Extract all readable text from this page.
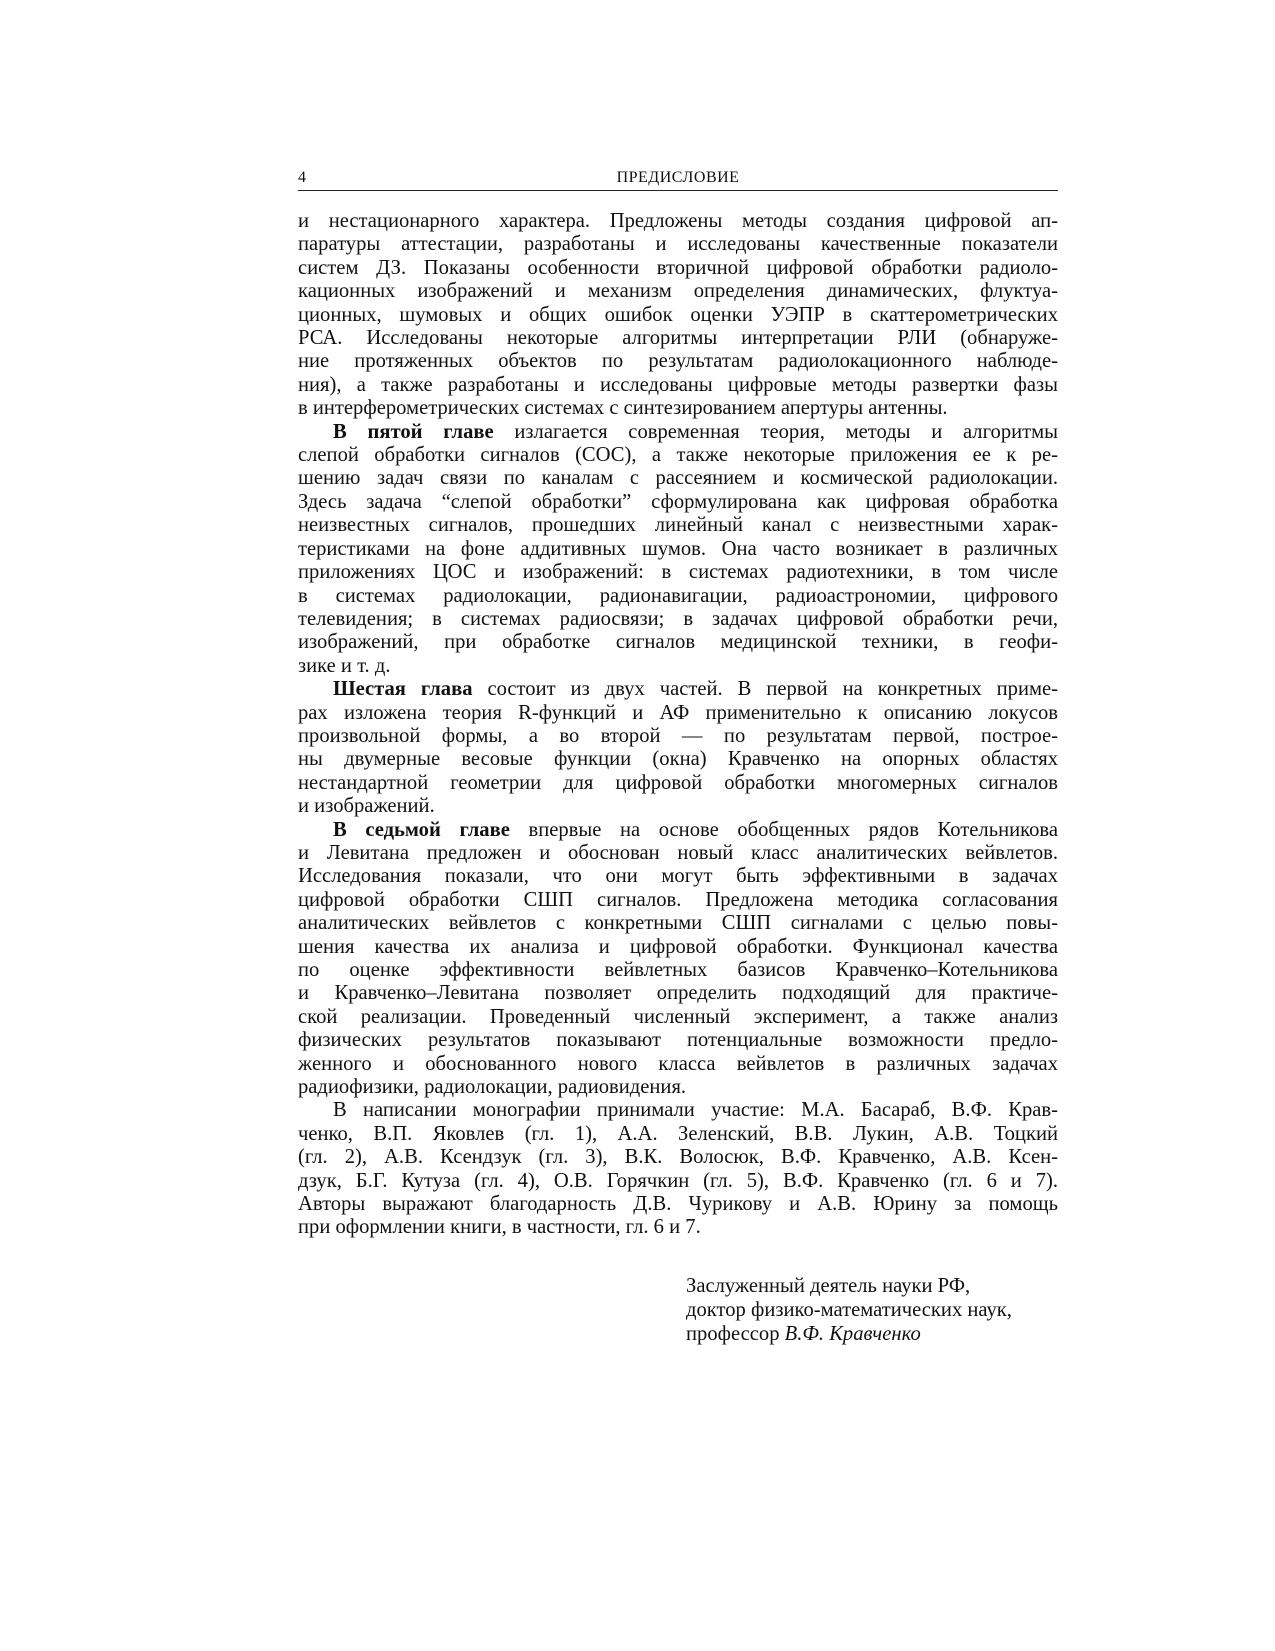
4	ПРЕДИСЛОВИЕ
и нестационарного характера. Предложены методы создания цифровой ап-
паратуры аттестации, разработаны и исследованы качественные показатели
систем ДЗ. Показаны особенности вторичной цифровой обработки радиоло-
кационных изображений и механизм определения динамических, флуктуа-
ционных, шумовых и общих ошибок оценки УЭПР в скаттерометрических
РСА. Исследованы некоторые алгоритмы интерпретации РЛИ (обнаруже-
ние протяженных объектов по результатам радиолокационного наблюде-
ния), а также разработаны и исследованы цифровые методы развертки фазы
в интерферометрических системах с синтезированием апертуры антенны.
В пятой главе излагается современная теория, методы и алгоритмы
слепой обработки сигналов (СОС), а также некоторые приложения ее к ре-
шению задач связи по каналам с рассеянием и космической радиолокации.
Здесь задача “слепой обработки” сформулирована как цифровая обработка
неизвестных сигналов, прошедших линейный канал с неизвестными харак-
теристиками на фоне аддитивных шумов. Она часто возникает в различных
приложениях ЦОС и изображений: в системах радиотехники, в том числе
в системах радиолокации, радионавигации, радиоастрономии, цифрового
телевидения; в системах радиосвязи; в задачах цифровой обработки речи,
изображений, при обработке сигналов медицинской техники, в геофи-
зике и т. д.
Шестая глава состоит из двух частей. В первой на конкретных приме-
рах изложена теория R-функций и АФ применительно к описанию локусов
произвольной формы, а во второй — по результатам первой, построе-
ны двумерные весовые функции (окна) Кравченко на опорных областях
нестандартной геометрии для цифровой обработки многомерных сигналов
и изображений.
В седьмой главе впервые на основе обобщенных рядов Котельникова
и Левитана предложен и обоснован новый класс аналитических вейвлетов.
Исследования показали, что они могут быть эффективными в задачах
цифровой обработки СШП сигналов. Предложена методика согласования
аналитических вейвлетов с конкретными СШП сигналами с целью повы-
шения качества их анализа и цифровой обработки. Функционал качества
по оценке эффективности вейвлетных базисов Кравченко–Котельникова
и Кравченко–Левитана позволяет определить подходящий для практиче-
ской реализации. Проведенный численный эксперимент, а также анализ
физических результатов показывают потенциальные возможности предло-
женного и обоснованного нового класса вейвлетов в различных задачах
радиофизики, радиолокации, радиовидения.
В написании монографии принимали участие: М.А. Басараб, В.Ф. Крав-
ченко, В.П. Яковлев (гл. 1), А.А. Зеленский, В.В. Лукин, А.В. Тоцкий
(гл. 2), А.В. Ксендзук (гл. 3), В.К. Волосюк, В.Ф. Кравченко, А.В. Ксен-
дзук, Б.Г. Кутуза (гл. 4), О.В. Горячкин (гл. 5), В.Ф. Кравченко (гл. 6 и 7).
Авторы выражают благодарность Д.В. Чурикову и А.В. Юрину за помощь
при оформлении книги, в частности, гл. 6 и 7.
Заслуженный деятель науки РФ,
доктор физико-математических наук,
профессор В.Ф. Кравченко
